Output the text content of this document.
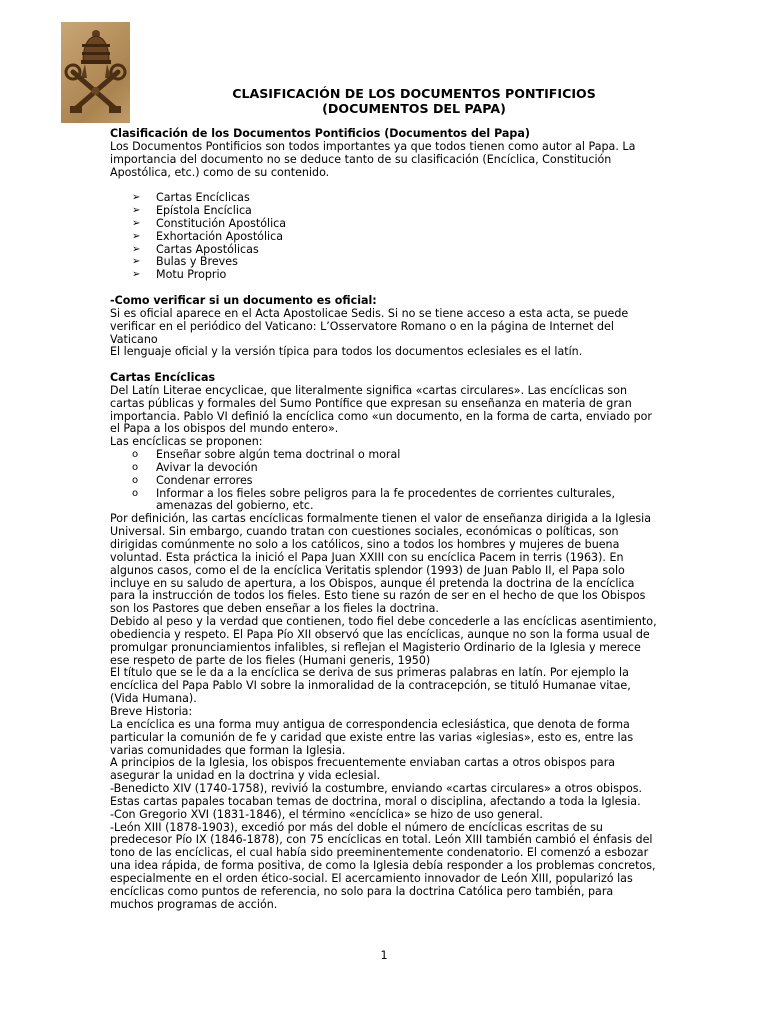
CLASIFICACIÓN DE LOS DOCUMENTOS PONTIFICIOS
(DOCUMENTOS DEL PAPA)

Clasificación de los Documentos Pontificios (Documentos del Papa)

Los Documentos Pontificios son todos importantes ya que todos tienen como autor al Papa. La importancia del documento no se deduce tanto de su clasificación (Encíclica, Constitución Apostólica, etc.) como de su contenido.

➢	Cartas Encíclicas
➢	Epístola Encíclica
➢	Constitución Apostólica
➢	Exhortación Apostólica
➢	Cartas Apostólicas
➢	Bulas y Breves
➢	Motu Proprio

-Como verificar si un documento es oficial:

Si es oficial aparece en el Acta Apostolicae Sedis. Si no se tiene acceso a esta acta, se puede verificar en el periódico del Vaticano: L’Osservatore Romano o en la página de Internet del Vaticano

El lenguaje oficial y la versión típica para todos los documentos eclesiales es el latín.

Cartas Encíclicas

Del Latín Literae encyclicae, que literalmente significa «cartas circulares». Las encíclicas son cartas públicas y formales del Sumo Pontífice que expresan su enseñanza en materia de gran importancia. Pablo VI definió la encíclica como «un documento, en la forma de carta, enviado por el Papa a los obispos del mundo entero».

Las encíclicas se proponen:

o	Enseñar sobre algún tema doctrinal o moral
o	Avivar la devoción
o	Condenar errores
o	Informar a los fieles sobre peligros para la fe procedentes de corrientes culturales, amenazas del gobierno, etc.

Por definición, las cartas encíclicas formalmente tienen el valor de enseñanza dirigida a la Iglesia Universal. Sin embargo, cuando tratan con cuestiones sociales, económicas o políticas, son dirigidas comúnmente no solo a los católicos, sino a todos los hombres y mujeres de buena voluntad. Esta práctica la inició el Papa Juan XXIII con su encíclica Pacem in terris (1963). En algunos casos, como el de la encíclica Veritatis splendor (1993) de Juan Pablo II, el Papa solo incluye en su saludo de apertura, a los Obispos, aunque él pretenda la doctrina de la encíclica para la instrucción de todos los fieles. Esto tiene su razón de ser en el hecho de que los Obispos son los Pastores que deben enseñar a los fieles la doctrina.

Debido al peso y la verdad que contienen, todo fiel debe concederle a las encíclicas asentimiento, obediencia y respeto. El Papa Pío XII observó que las encíclicas, aunque no son la forma usual de promulgar pronunciamientos infalibles, si reflejan el Magisterio Ordinario de la Iglesia y merece ese respeto de parte de los fieles (Humani generis, 1950)

El título que se le da a la encíclica se deriva de sus primeras palabras en latín. Por ejemplo la encíclica del Papa Pablo VI sobre la inmoralidad de la contracepción, se tituló Humanae vitae, (Vida Humana).

Breve Historia:

La encíclica es una forma muy antigua de correspondencia eclesiástica, que denota de forma particular la comunión de fe y caridad que existe entre las varias «iglesias», esto es, entre las varias comunidades que forman la Iglesia.

A principios de la Iglesia, los obispos frecuentemente enviaban cartas a otros obispos para asegurar la unidad en la doctrina y vida eclesial.

-Benedicto XIV (1740-1758), revivió la costumbre, enviando «cartas circulares» a otros obispos. Estas cartas papales tocaban temas de doctrina, moral o disciplina, afectando a toda la Iglesia.

-Con Gregorio XVI (1831-1846), el término «encíclica» se hizo de uso general.

-León XIII (1878-1903), excedió por más del doble el número de encíclicas escritas de su predecesor Pío IX (1846-1878), con 75 encíclicas en total. León XIII también cambió el énfasis del tono de las encíclicas, el cual había sido preeminentemente condenatorio. El comenzó a esbozar una idea rápida, de forma positiva, de como la Iglesia debía responder a los problemas concretos, especialmente en el orden ético-social. El acercamiento innovador de León XIII, popularizó las encíclicas como puntos de referencia, no solo para la doctrina Católica pero también, para muchos programas de acción.

1
